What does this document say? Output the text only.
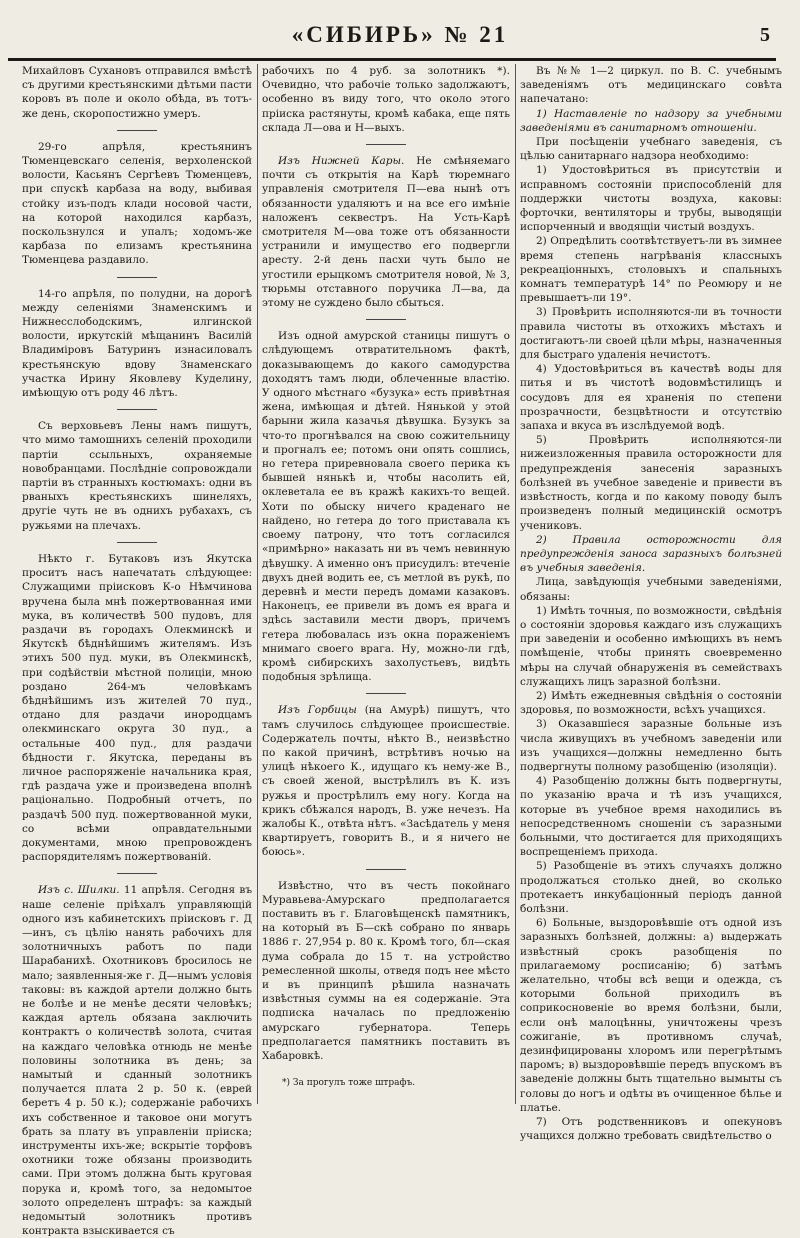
«СИБИРЬ» № 21	5

Михайловъ Сухановъ отправился вмѣстѣ съ другими крестьянскими дѣтьми пасти коровъ въ поле и около обѣда, въ тотъ-же день, скоропостижно умеръ.

29-го апрѣля, крестьянинъ Тюменцевскаго селенія, верхоленской волости, Касьянъ Сергѣевъ Тюменцевъ, при спускѣ карбаза на воду, выбивая стойку изъ-подъ клади носовой части, на которой находился карбазъ, поскользнулся и упалъ; ходомъ-же карбаза по елизамъ крестьянина Тюменцева раздавило.

14-го апрѣля, по полудни, на дорогѣ между селеніями Знаменскимъ и Нижнесслободскимъ, илгинской волости, иркутскій мѣщанинъ Василій Владиміровъ Батуринъ изнасиловалъ крестьянскую вдову Знаменскаго участка Ирину Яковлеву Куделину, имѣющую отъ роду 46 лѣтъ.

Съ верховьевъ Лены намъ пишутъ, что мимо тамошнихъ селеній проходили партіи ссыльныхъ, охраняемые новобранцами. Послѣдніе сопровождали партіи въ странныхъ костюмахъ: одни въ рваныхъ крестьянскихъ шинеляхъ, другіе чуть не въ однихъ рубахахъ, съ ружьями на плечахъ.

Нѣкто г. Бутаковъ изъ Якутска проситъ насъ напечатать слѣдующее: Служащими пріисковъ К-о Нѣмчинова вручена была мнѣ пожертвованная ими мука, въ количествѣ 500 пудовъ, для раздачи въ городахъ Олекминскѣ и Якутскѣ бѣднѣйшимъ жителямъ. Изъ этихъ 500 пуд. муки, въ Олекминскѣ, при содѣйствіи мѣстной полиціи, мною роздано 264-мъ человѣкамъ бѣднѣйшимъ изъ жителей 70 пуд., отдано для раздачи инородцамъ олекминскаго округа 30 пуд., а остальные 400 пуд., для раздачи бѣдности г. Якутска, переданы въ личное распоряженіе начальника края, гдѣ раздача уже и произведена вполнѣ раціонально. Подробный отчетъ, по раздачѣ 500 пуд. пожертвованной муки, со всѣми оправдательными документами, мною препровожденъ распорядителямъ пожертвованій.

Изъ с. Шилки. 11 апрѣля. Сегодня въ наше селеніе пріѣхалъ управляющій одного изъ кабинетскихъ пріисковъ г. Д—инъ, съ цѣлію нанять рабочихъ для золотничныхъ работъ по пади Шарабанихѣ. Охотниковъ бросилось не мало; заявленныя-же г. Д—нымъ условія таковы: въ каждой артели должно быть не болѣе и не менѣе десяти человѣкъ; каждая артель обязана заключить контрактъ о количествѣ золота, считая на каждаго человѣка отнюдь не менѣе половины золотника въ день; за намытый и сданный золотникъ получается плата 2 р. 50 к. (еврей беретъ 4 р. 50 к.); содержаніе рабочихъ ихъ собственное и таковое они могутъ брать за плату въ управленіи пріиска; инструменты ихъ-же; вскрытіе торфовъ охотники тоже обязаны производить сами. При этомъ должна быть круговая порука и, кромѣ того, за недомытое золото определенъ штрафъ: за каждый недомытый золотникъ противъ контракта взыскивается съ

рабочихъ по 4 руб. за золотникъ *). Очевидно, что рабочіе только задолжаютъ, особенно въ виду того, что около этого пріиска растянуты, кромѣ кабака, еще пять склада Л—ова и Н—выхъ.

Изъ Нижней Кары. Не смѣняемаго почти съ открытія на Карѣ тюремнаго управленія смотрителя П—ева нынѣ отъ обязанности удаляютъ и на все его имѣніе наложенъ секвестръ. На Усть-Карѣ смотрителя М—ова тоже отъ обязанности устранили и имущество его подвергли аресту. 2-й день пасхи чуть было не угостили ерыцкомъ смотрителя новой, № 3, тюрьмы отставного поручика Л—ва, да этому не суждено было сбыться.

Изъ одной амурской станицы пишутъ о слѣдующемъ отвратительномъ фактѣ, доказывающемъ до какого самодурства доходятъ тамъ люди, облеченные властію. У одного мѣстнаго «бузука» есть привѣтная жена, имѣющая и дѣтей. Нянькой у этой барыни жила казачья дѣвушка. Бузукъ за что-то прогнѣвался на свою сожительницу и прогналъ ее; потомъ они опять сошлись, но гетера приревновала своего перика къ бывшей нянькѣ и, чтобы насолить ей, оклеветала ее въ кражѣ какихъ-то вещей. Хоти по обыску ничего краденаго не найдено, но гетера до того приставала къ своему патрону, что тотъ согласился «примѣрно» наказать ни въ чемъ невинную дѣвушку. А именно онъ присудилъ: втеченіе двухъ дней водить ее, съ метлой въ рукѣ, по деревнѣ и мести передъ домами казаковъ. Наконецъ, ее привели въ домъ ея врага и здѣсь заставили мести дворъ, причемъ гетера любовалась изъ окна пораженіемъ мнимаго своего врага. Ну, можно-ли гдѣ, кромѣ сибирскихъ захолустьевъ, видѣть подобныя зрѣлища.

Изъ Горбицы (на Амурѣ) пишутъ, что тамъ случилось слѣдующее происшествіе. Содержатель почты, нѣкто В., неизвѣстно по какой причинѣ, встрѣтивъ ночью на улицѣ нѣкоего К., идущаго къ нему-же В., съ своей женой, выстрѣлилъ въ К. изъ ружья и прострѣлилъ ему ногу. Когда на крикъ сбѣжался народъ, В. уже нечезъ. На жалобы К., отвѣта нѣтъ. «Засѣдатель у меня квартируетъ, говоритъ В., и я ничего не боюсь».

Извѣстно, что въ честь покойнаго Муравьева-Амурскаго предполагается поставить въ г. Благовѣщенскѣ памятникъ, на который въ Б—скѣ собрано по январь 1886 г. 27,954 р. 80 к. Кромѣ того, бл—ская дума собрала до 15 т. на устройство ремесленной школы, отведя подъ нее мѣсто и въ принципѣ рѣшила назначать извѣстныя суммы на ея содержаніе. Эта подписка началась по предложенію амурскаго губернатора. Теперь предполагается памятникъ поставить въ Хабаровкѣ.

*) За прогулъ тоже штрафъ.

Въ №№ 1—2 циркул. по В. С. учебнымъ заведеніямъ отъ медицинскаго совѣта напечатано:

1) Наставленіе по надзору за учебными заведеніями въ санитарномъ отношеніи.

При посѣщеніи учебнаго заведенія, съ цѣлью санитарнаго надзора необходимо:

1) Удостовѣриться въ присутствіи и исправномъ состояніи приспособленій для поддержки чистоты воздуха, каковы: форточки, вентиляторы и трубы, выводящіи испорченный и вводящіи чистый воздухъ.

2) Опредѣлить соотвѣтствуетъ-ли въ зимнее время степень нагрѣванія классныхъ рекреаціонныхъ, столовыхъ и спальныхъ комнатъ температурѣ 14° по Реомюру и не превышаетъ-ли 19°.

3) Провѣрить исполняются-ли въ точности правила чистоты въ отхожихъ мѣстахъ и достигаютъ-ли своей цѣли мѣры, назначенныя для быстраго удаленія нечистотъ.

4) Удостовѣриться въ качествѣ воды для питья и въ чистотѣ водовмѣстилищъ и сосудовъ для ея храненія по степени прозрачности, безцвѣтности и отсутствію запаха и вкуса въ изслѣдуемой водѣ.

5) Провѣрить исполняются-ли нижеизложенныя правила осторожности для предупрежденія занесенія заразныхъ болѣзней въ учебное заведеніе и привести въ извѣстность, когда и по какому поводу былъ произведенъ полный медицинскій осмотръ учениковъ.

2) Правила осторожности для предупрежденія заноса заразныхъ болѣзней въ учебныя заведенія.

Лица, завѣдующія учебными заведеніями, обязаны:

1) Имѣть точныя, по возможности, свѣдѣнія о состояніи здоровья каждаго изъ служащихъ при заведеніи и особенно имѣющихъ въ немъ помѣщеніе, чтобы принять своевременно мѣры на случай обнаруженія въ семействахъ служащихъ лицъ заразной болѣзни.

2) Имѣть ежедневныя свѣдѣнія о состояніи здоровья, по возможности, всѣхъ учащихся.

3) Оказавшіеся заразные больные изъ числа живущихъ въ учебномъ заведеніи или изъ учащихся—должны немедленно быть подвергнуты полному разобщенію (изоляціи).

4) Разобщенію должны быть подвергнуты, по указанію врача и тѣ изъ учащихся, которые въ учебное время находились въ непосредственномъ сношеніи съ заразными больными, что достигается для приходящихъ воспрещеніемъ прихода.

5) Разобщеніе въ этихъ случаяхъ должно продолжаться столько дней, во сколько протекаетъ инкубаціонный періодъ данной болѣзни.

6) Больные, выздоровѣвшіе отъ одной изъ заразныхъ болѣзней, должны: а) выдержать извѣстный срокъ разобщенія по прилагаемому росписанію; б) затѣмъ желательно, чтобы всѣ вещи и одежда, съ которыми больной приходилъ въ соприкосновеніе во время болѣзни, были, если онѣ малоцѣнны, уничтожены чрезъ сожиганіе, въ противномъ случаѣ, дезинфицированы хлоромъ или перегрѣтымъ паромъ; в) выздоровѣвшіе передъ впускомъ въ заведеніе должны быть тщательно вымыты съ головы до ногъ и одѣты въ очищенное бѣлье и платье.

7) Отъ родственниковъ и опекуновъ учащихся должно требовать свидѣтельство о
